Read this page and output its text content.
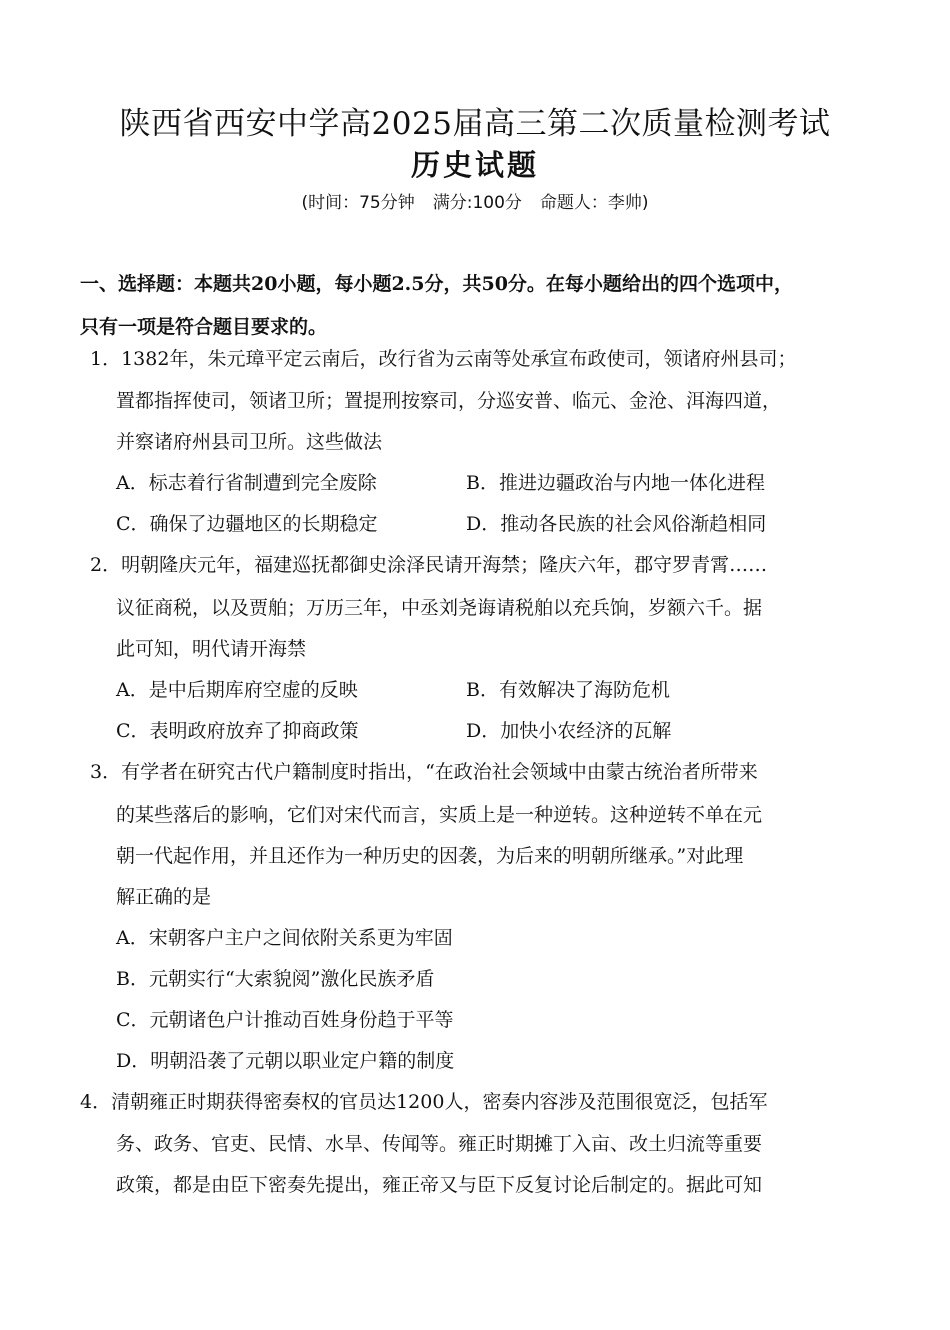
陕西省西安中学高2025届高三第二次质量检测考试
历史试题
(时间：75分钟 满分:100分 命题人：李帅)
一、选择题：本题共20小题，每小题2.5分，共50分。在每小题给出的四个选项中，
只有一项是符合题目要求的。
1．1382年，朱元璋平定云南后，改行省为云南等处承宣布政使司，领诸府州县司；
置都指挥使司，领诸卫所；置提刑按察司，分巡安普、临元、金沧、洱海四道，
并察诸府州县司卫所。这些做法
A．标志着行省制遭到完全废除	B．推进边疆政治与内地一体化进程
C．确保了边疆地区的长期稳定	D．推动各民族的社会风俗渐趋相同
2．明朝隆庆元年，福建巡抚都御史涂泽民请开海禁；隆庆六年，郡守罗青霄……
议征商税，以及贾舶；万历三年，中丞刘尧诲请税舶以充兵饷，岁额六千。据
此可知，明代请开海禁
A．是中后期库府空虚的反映	B．有效解决了海防危机
C．表明政府放弃了抑商政策	D．加快小农经济的瓦解
3．有学者在研究古代户籍制度时指出，“在政治社会领域中由蒙古统治者所带来
的某些落后的影响，它们对宋代而言，实质上是一种逆转。这种逆转不单在元
朝一代起作用，并且还作为一种历史的因袭，为后来的明朝所继承。”对此理
解正确的是
A．宋朝客户主户之间依附关系更为牢固
B．元朝实行“大索貌阅”激化民族矛盾
C．元朝诸色户计推动百姓身份趋于平等
D．明朝沿袭了元朝以职业定户籍的制度
4．清朝雍正时期获得密奏权的官员达1200人，密奏内容涉及范围很宽泛，包括军
务、政务、官吏、民情、水旱、传闻等。雍正时期摊丁入亩、改土归流等重要
政策，都是由臣下密奏先提出，雍正帝又与臣下反复讨论后制定的。据此可知
